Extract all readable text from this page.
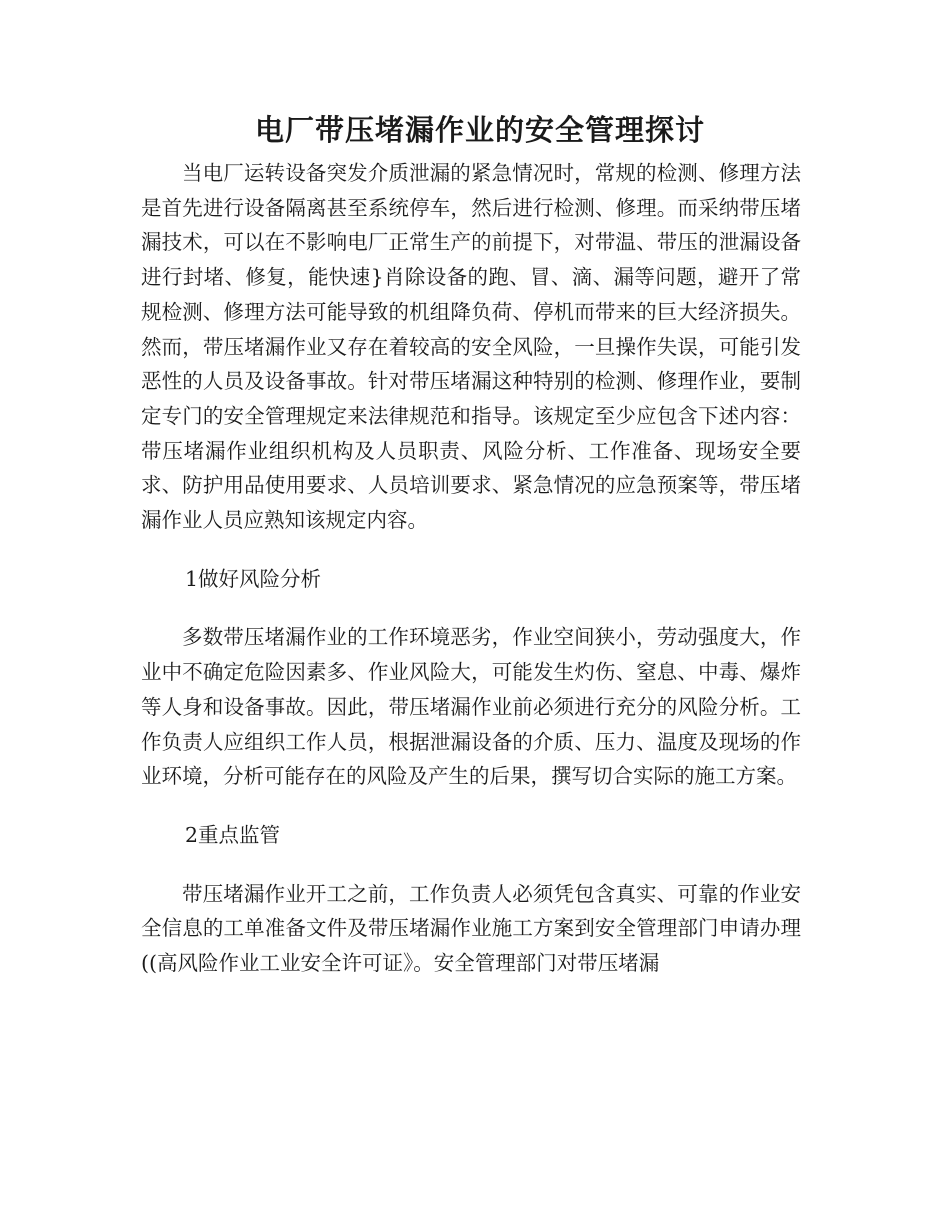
电厂带压堵漏作业的安全管理探讨

当电厂运转设备突发介质泄漏的紧急情况时，常规的检测、修理方法是首先进行设备隔离甚至系统停车，然后进行检测、修理。而采纳带压堵漏技术，可以在不影响电厂正常生产的前提下，对带温、带压的泄漏设备进行封堵、修复，能快速}肖除设备的跑、冒、滴、漏等问题，避开了常规检测、修理方法可能导致的机组降负荷、停机而带来的巨大经济损失。然而，带压堵漏作业又存在着较高的安全风险，一旦操作失误，可能引发恶性的人员及设备事故。针对带压堵漏这种特别的检测、修理作业，要制定专门的安全管理规定来法律规范和指导。该规定至少应包含下述内容：带压堵漏作业组织机构及人员职责、风险分析、工作准备、现场安全要求、防护用品使用要求、人员培训要求、紧急情况的应急预案等，带压堵漏作业人员应熟知该规定内容。

1做好风险分析

多数带压堵漏作业的工作环境恶劣，作业空间狭小，劳动强度大，作业中不确定危险因素多、作业风险大，可能发生灼伤、窒息、中毒、爆炸等人身和设备事故。因此，带压堵漏作业前必须进行充分的风险分析。工作负责人应组织工作人员，根据泄漏设备的介质、压力、温度及现场的作业环境，分析可能存在的风险及产生的后果，撰写切合实际的施工方案。

2重点监管

带压堵漏作业开工之前，工作负责人必须凭包含真实、可靠的作业安全信息的工单准备文件及带压堵漏作业施工方案到安全管理部门申请办理((高风险作业工业安全许可证》。安全管理部门对带压堵漏
